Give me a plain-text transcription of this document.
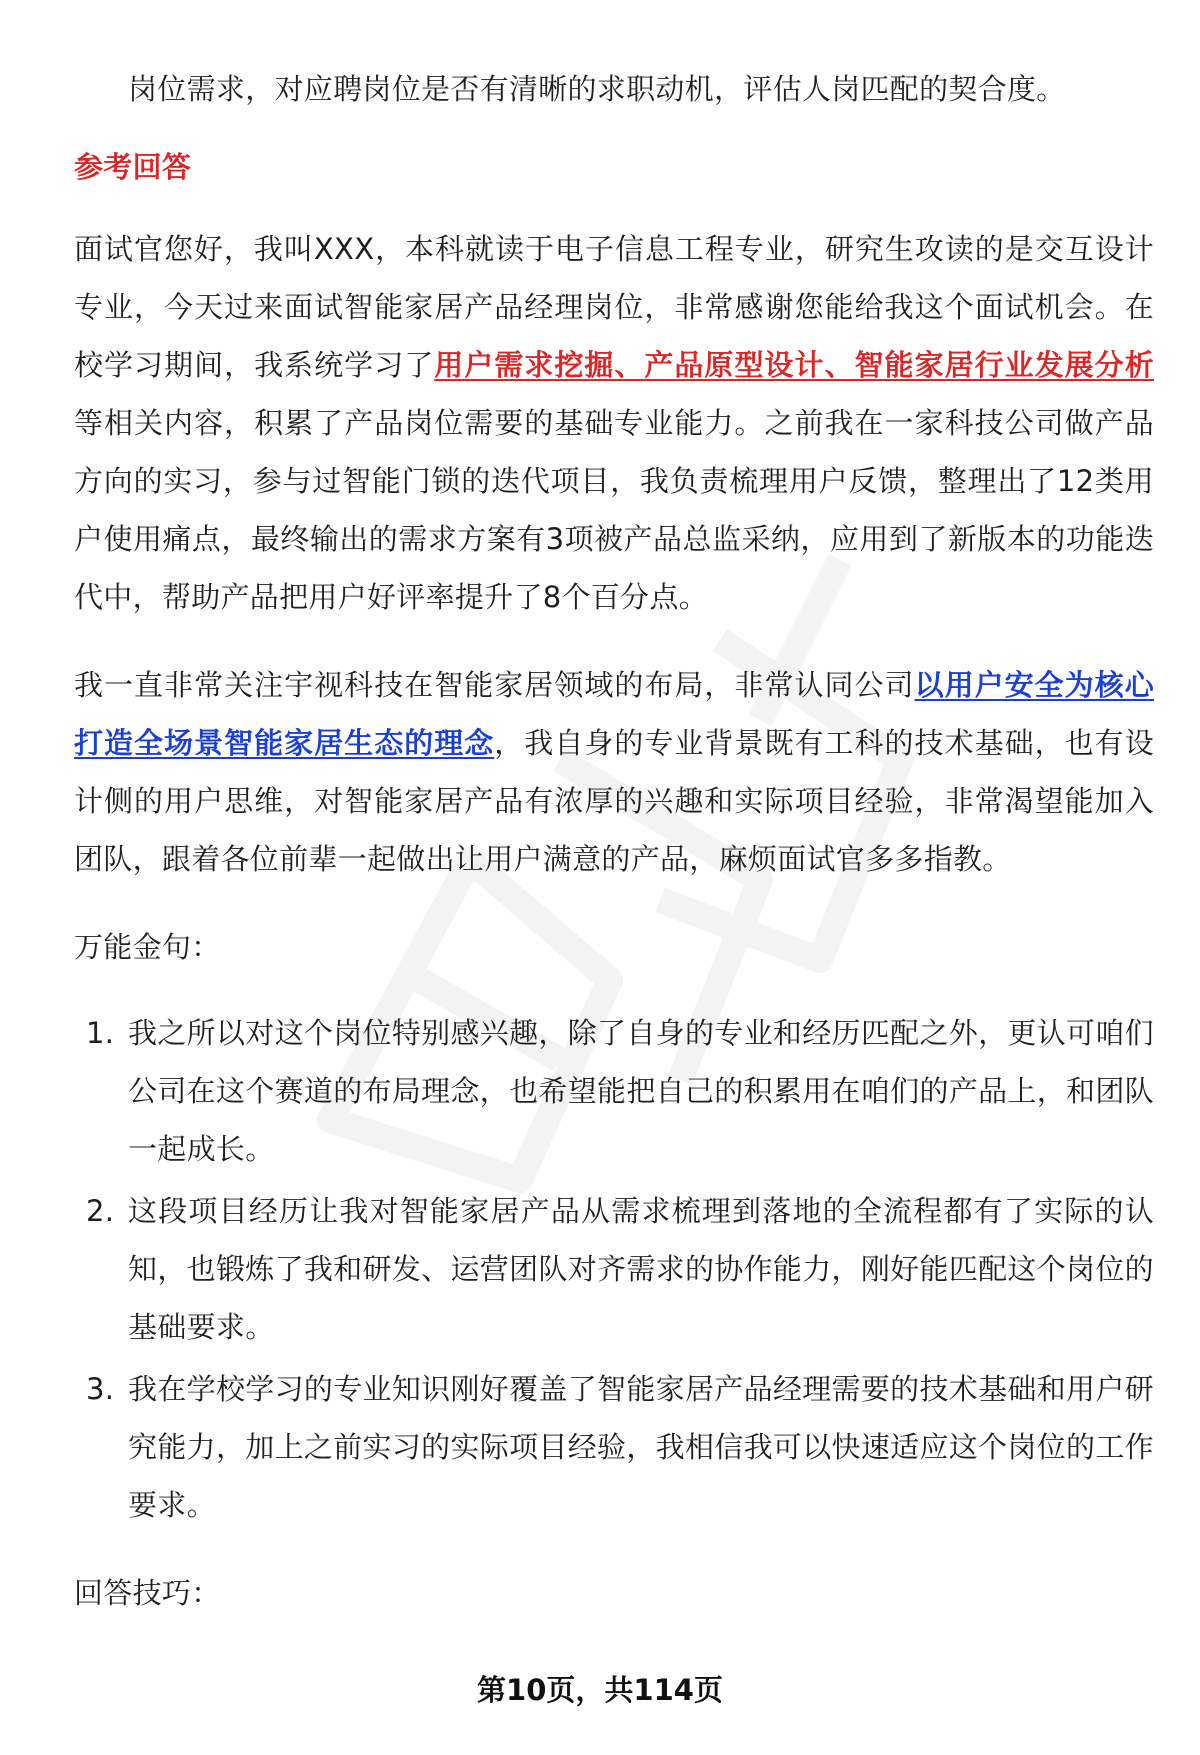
岗位需求，对应聘岗位是否有清晰的求职动机，评估人岗匹配的契合度。

参考回答

面试官您好，我叫XXX，本科就读于电子信息工程专业，研究生攻读的是交互设计专业，今天过来面试智能家居产品经理岗位，非常感谢您能给我这个面试机会。在校学习期间，我系统学习了用户需求挖掘、产品原型设计、智能家居行业发展分析等相关内容，积累了产品岗位需要的基础专业能力。之前我在一家科技公司做产品方向的实习，参与过智能门锁的迭代项目，我负责梳理用户反馈，整理出了12类用户使用痛点，最终输出的需求方案有3项被产品总监采纳，应用到了新版本的功能迭代中，帮助产品把用户好评率提升了8个百分点。

我一直非常关注宇视科技在智能家居领域的布局，非常认同公司以用户安全为核心打造全场景智能家居生态的理念，我自身的专业背景既有工科的技术基础，也有设计侧的用户思维，对智能家居产品有浓厚的兴趣和实际项目经验，非常渴望能加入团队，跟着各位前辈一起做出让用户满意的产品，麻烦面试官多多指教。

万能金句：

1. 我之所以对这个岗位特别感兴趣，除了自身的专业和经历匹配之外，更认可咱们公司在这个赛道的布局理念，也希望能把自己的积累用在咱们的产品上，和团队一起成长。
2. 这段项目经历让我对智能家居产品从需求梳理到落地的全流程都有了实际的认知，也锻炼了我和研发、运营团队对齐需求的协作能力，刚好能匹配这个岗位的基础要求。
3. 我在学校学习的专业知识刚好覆盖了智能家居产品经理需要的技术基础和用户研究能力，加上之前实习的实际项目经验，我相信我可以快速适应这个岗位的工作要求。

回答技巧：

第10页，共114页
